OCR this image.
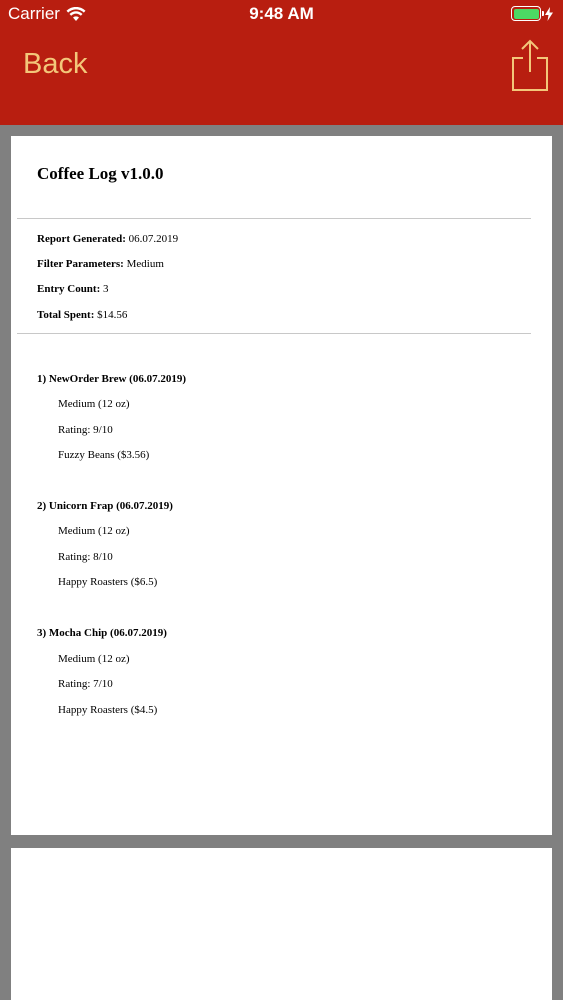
Carrier	9:48 AM
Back
Coffee Log v1.0.0
Report Generated: 06.07.2019
Filter Parameters: Medium
Entry Count: 3
Total Spent: $14.56
1) NewOrder Brew (06.07.2019)
Medium (12 oz)
Rating: 9/10
Fuzzy Beans ($3.56)
2) Unicorn Frap (06.07.2019)
Medium (12 oz)
Rating: 8/10
Happy Roasters ($6.5)
3) Mocha Chip (06.07.2019)
Medium (12 oz)
Rating: 7/10
Happy Roasters ($4.5)
